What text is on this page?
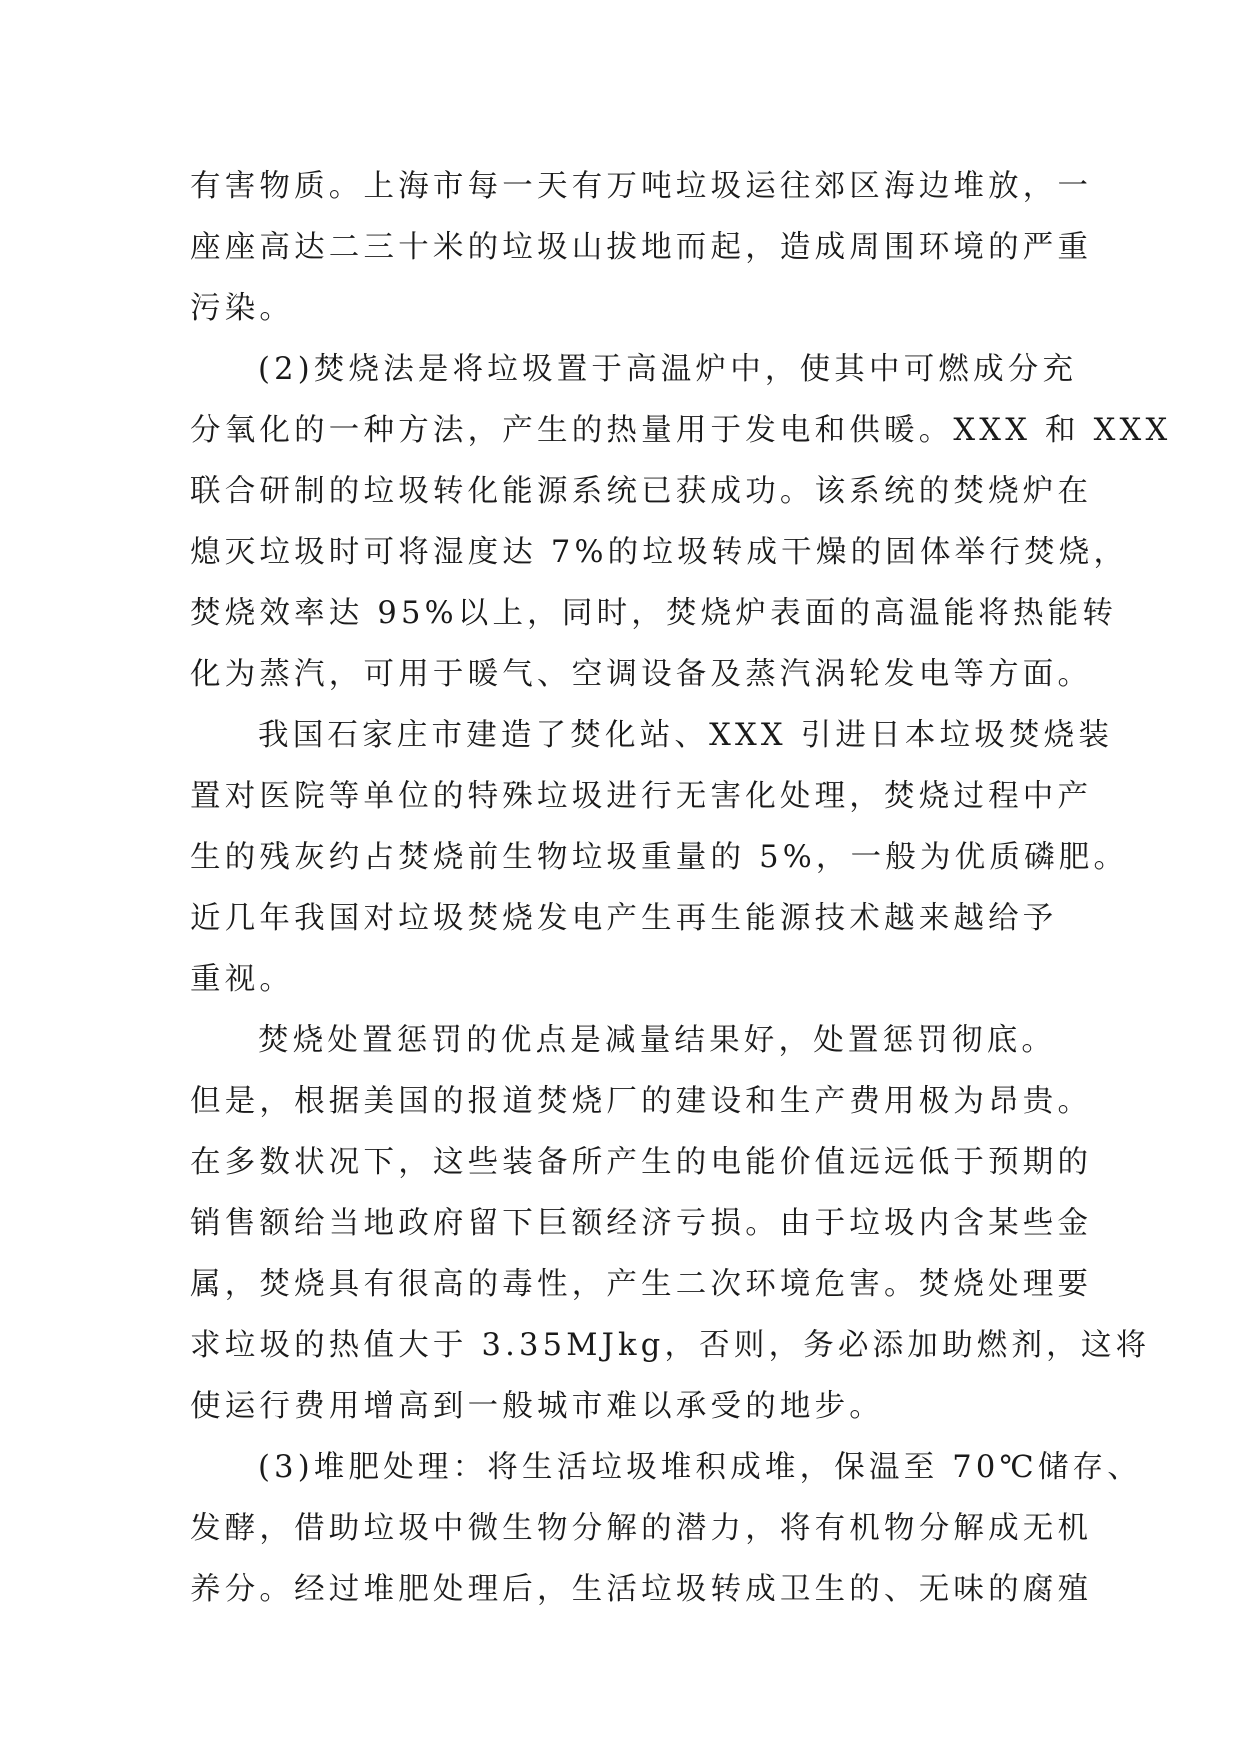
有害物质。上海市每一天有万吨垃圾运往郊区海边堆放，一
座座高达二三十米的垃圾山拔地而起，造成周围环境的严重
污染。
(2)焚烧法是将垃圾置于高温炉中，使其中可燃成分充
分氧化的一种方法，产生的热量用于发电和供暖。XXX 和 XXX
联合研制的垃圾转化能源系统已获成功。该系统的焚烧炉在
熄灭垃圾时可将湿度达 7%的垃圾转成干燥的固体举行焚烧，
焚烧效率达 95%以上，同时，焚烧炉表面的高温能将热能转
化为蒸汽，可用于暖气、空调设备及蒸汽涡轮发电等方面。
我国石家庄市建造了焚化站、XXX 引进日本垃圾焚烧装
置对医院等单位的特殊垃圾进行无害化处理，焚烧过程中产
生的残灰约占焚烧前生物垃圾重量的 5%，一般为优质磷肥。
近几年我国对垃圾焚烧发电产生再生能源技术越来越给予
重视。
焚烧处置惩罚的优点是减量结果好，处置惩罚彻底。
但是，根据美国的报道焚烧厂的建设和生产费用极为昂贵。
在多数状况下，这些装备所产生的电能价值远远低于预期的
销售额给当地政府留下巨额经济亏损。由于垃圾内含某些金
属，焚烧具有很高的毒性，产生二次环境危害。焚烧处理要
求垃圾的热值大于 3.35MJkg，否则，务必添加助燃剂，这将
使运行费用增高到一般城市难以承受的地步。
(3)堆肥处理：将生活垃圾堆积成堆，保温至 70℃储存、
发酵，借助垃圾中微生物分解的潜力，将有机物分解成无机
养分。经过堆肥处理后，生活垃圾转成卫生的、无味的腐殖
